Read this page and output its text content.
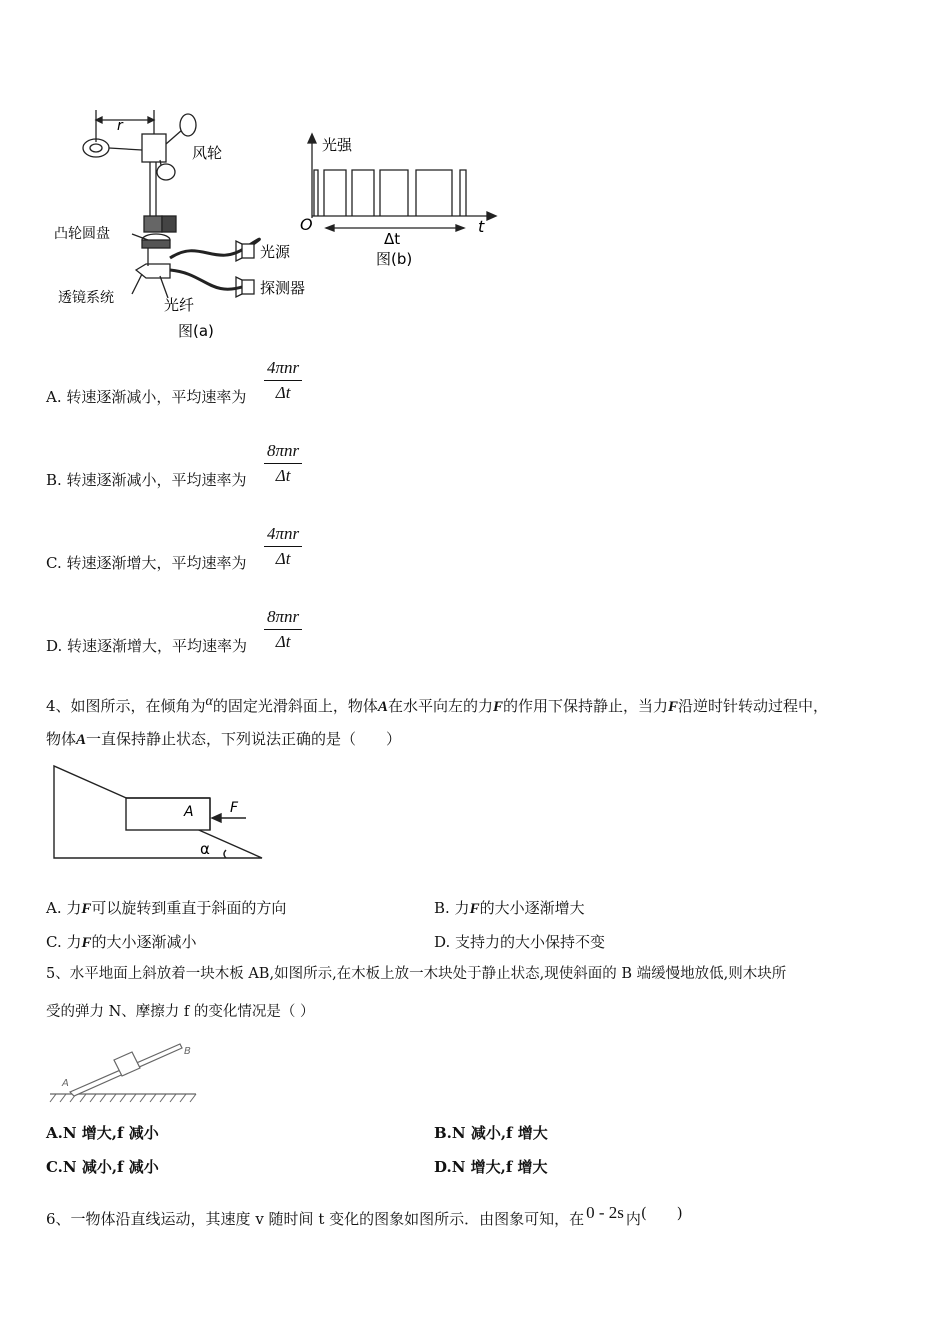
r
风轮
凸轮圆盘
光源
探测器
透镜系统	光纤
图(a)
光强
O	t
Δt
图(b)
A. 转速逐渐减小，平均速率为
4πnr
Δt
B. 转速逐渐减小，平均速率为
8πnr
Δt
C. 转速逐渐增大，平均速率为
4πnr
Δt
D. 转速逐渐增大，平均速率为
8πnr
Δt
4、如图所示，在倾角为α的固定光滑斜面上，物体A在水平向左的力F的作用下保持静止，当力F沿逆时针转动过程中，
物体A一直保持静止状态，下列说法正确的是（　　）
A	F
α
A. 力F可以旋转到重直于斜面的方向	B. 力F的大小逐渐增大
C. 力F的大小逐渐减小	D. 支持力的大小保持不变
5、水平地面上斜放着一块木板 AB,如图所示,在木板上放一木块处于静止状态,现使斜面的 B 端缓慢地放低,则木块所
受的弹力 N、摩擦力 f 的变化情况是（ ）
A
B
A.N 增大,f 减小	B.N 减小,f 增大
C.N 减小,f 减小	D.N 增大,f 增大
6、一物体沿直线运动，其速度 v 随时间 t 变化的图象如图所示．由图象可知，在 0 - 2s 内(　　)
